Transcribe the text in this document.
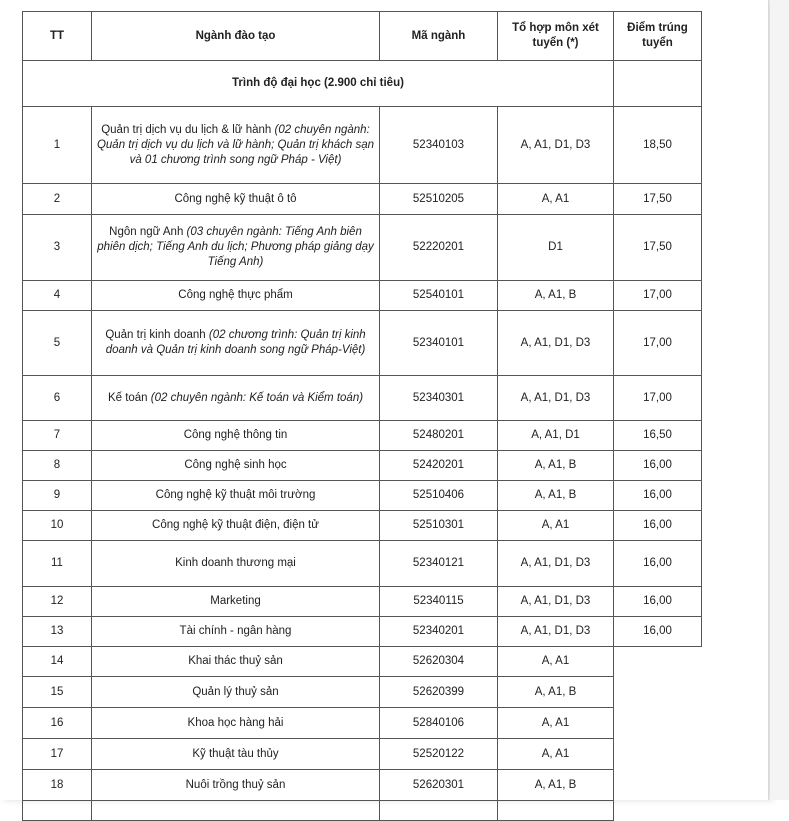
TT	Ngành đào tạo	Mã ngành	Tổ hợp môn xét tuyển (*)	Điểm trúng tuyển
Trình độ đại học (2.900 chỉ tiêu)				
1	Quản trị dịch vụ du lịch & lữ hành (02 chuyên ngành: Quản trị dịch vụ du lịch và lữ hành; Quản trị khách sạn và 01 chương trình song ngữ Pháp - Việt)	52340103	A, A1, D1, D3	18,50
2	Công nghệ kỹ thuật ô tô	52510205	A, A1	17,50
3	Ngôn ngữ Anh (03 chuyên ngành: Tiếng Anh biên phiên dịch; Tiếng Anh du lịch; Phương pháp giảng dạy Tiếng Anh)	52220201	D1	17,50
4	Công nghệ thực phẩm	52540101	A, A1, B	17,00
5	Quản trị kinh doanh (02 chương trình: Quản trị kinh doanh và Quản trị kinh doanh song ngữ Pháp-Việt)	52340101	A, A1, D1, D3	17,00
6	Kế toán (02 chuyên ngành: Kế toán và Kiểm toán)	52340301	A, A1, D1, D3	17,00
7	Công nghệ thông tin	52480201	A, A1, D1	16,50
8	Công nghệ sinh học	52420201	A, A1, B	16,00
9	Công nghệ kỹ thuật môi trường	52510406	A, A1, B	16,00
10	Công nghệ kỹ thuật điện, điện tử	52510301	A, A1	16,00
11	Kinh doanh thương mại	52340121	A, A1, D1, D3	16,00
12	Marketing	52340115	A, A1, D1, D3	16,00
13	Tài chính - ngân hàng	52340201	A, A1, D1, D3	16,00
14	Khai thác thuỷ sản	52620304	A, A1	
15	Quản lý thuỷ sản	52620399	A, A1, B	
16	Khoa học hàng hải	52840106	A, A1	
17	Kỹ thuật tàu thủy	52520122	A, A1	
18	Nuôi trồng thuỷ sản	52620301	A, A1, B	
